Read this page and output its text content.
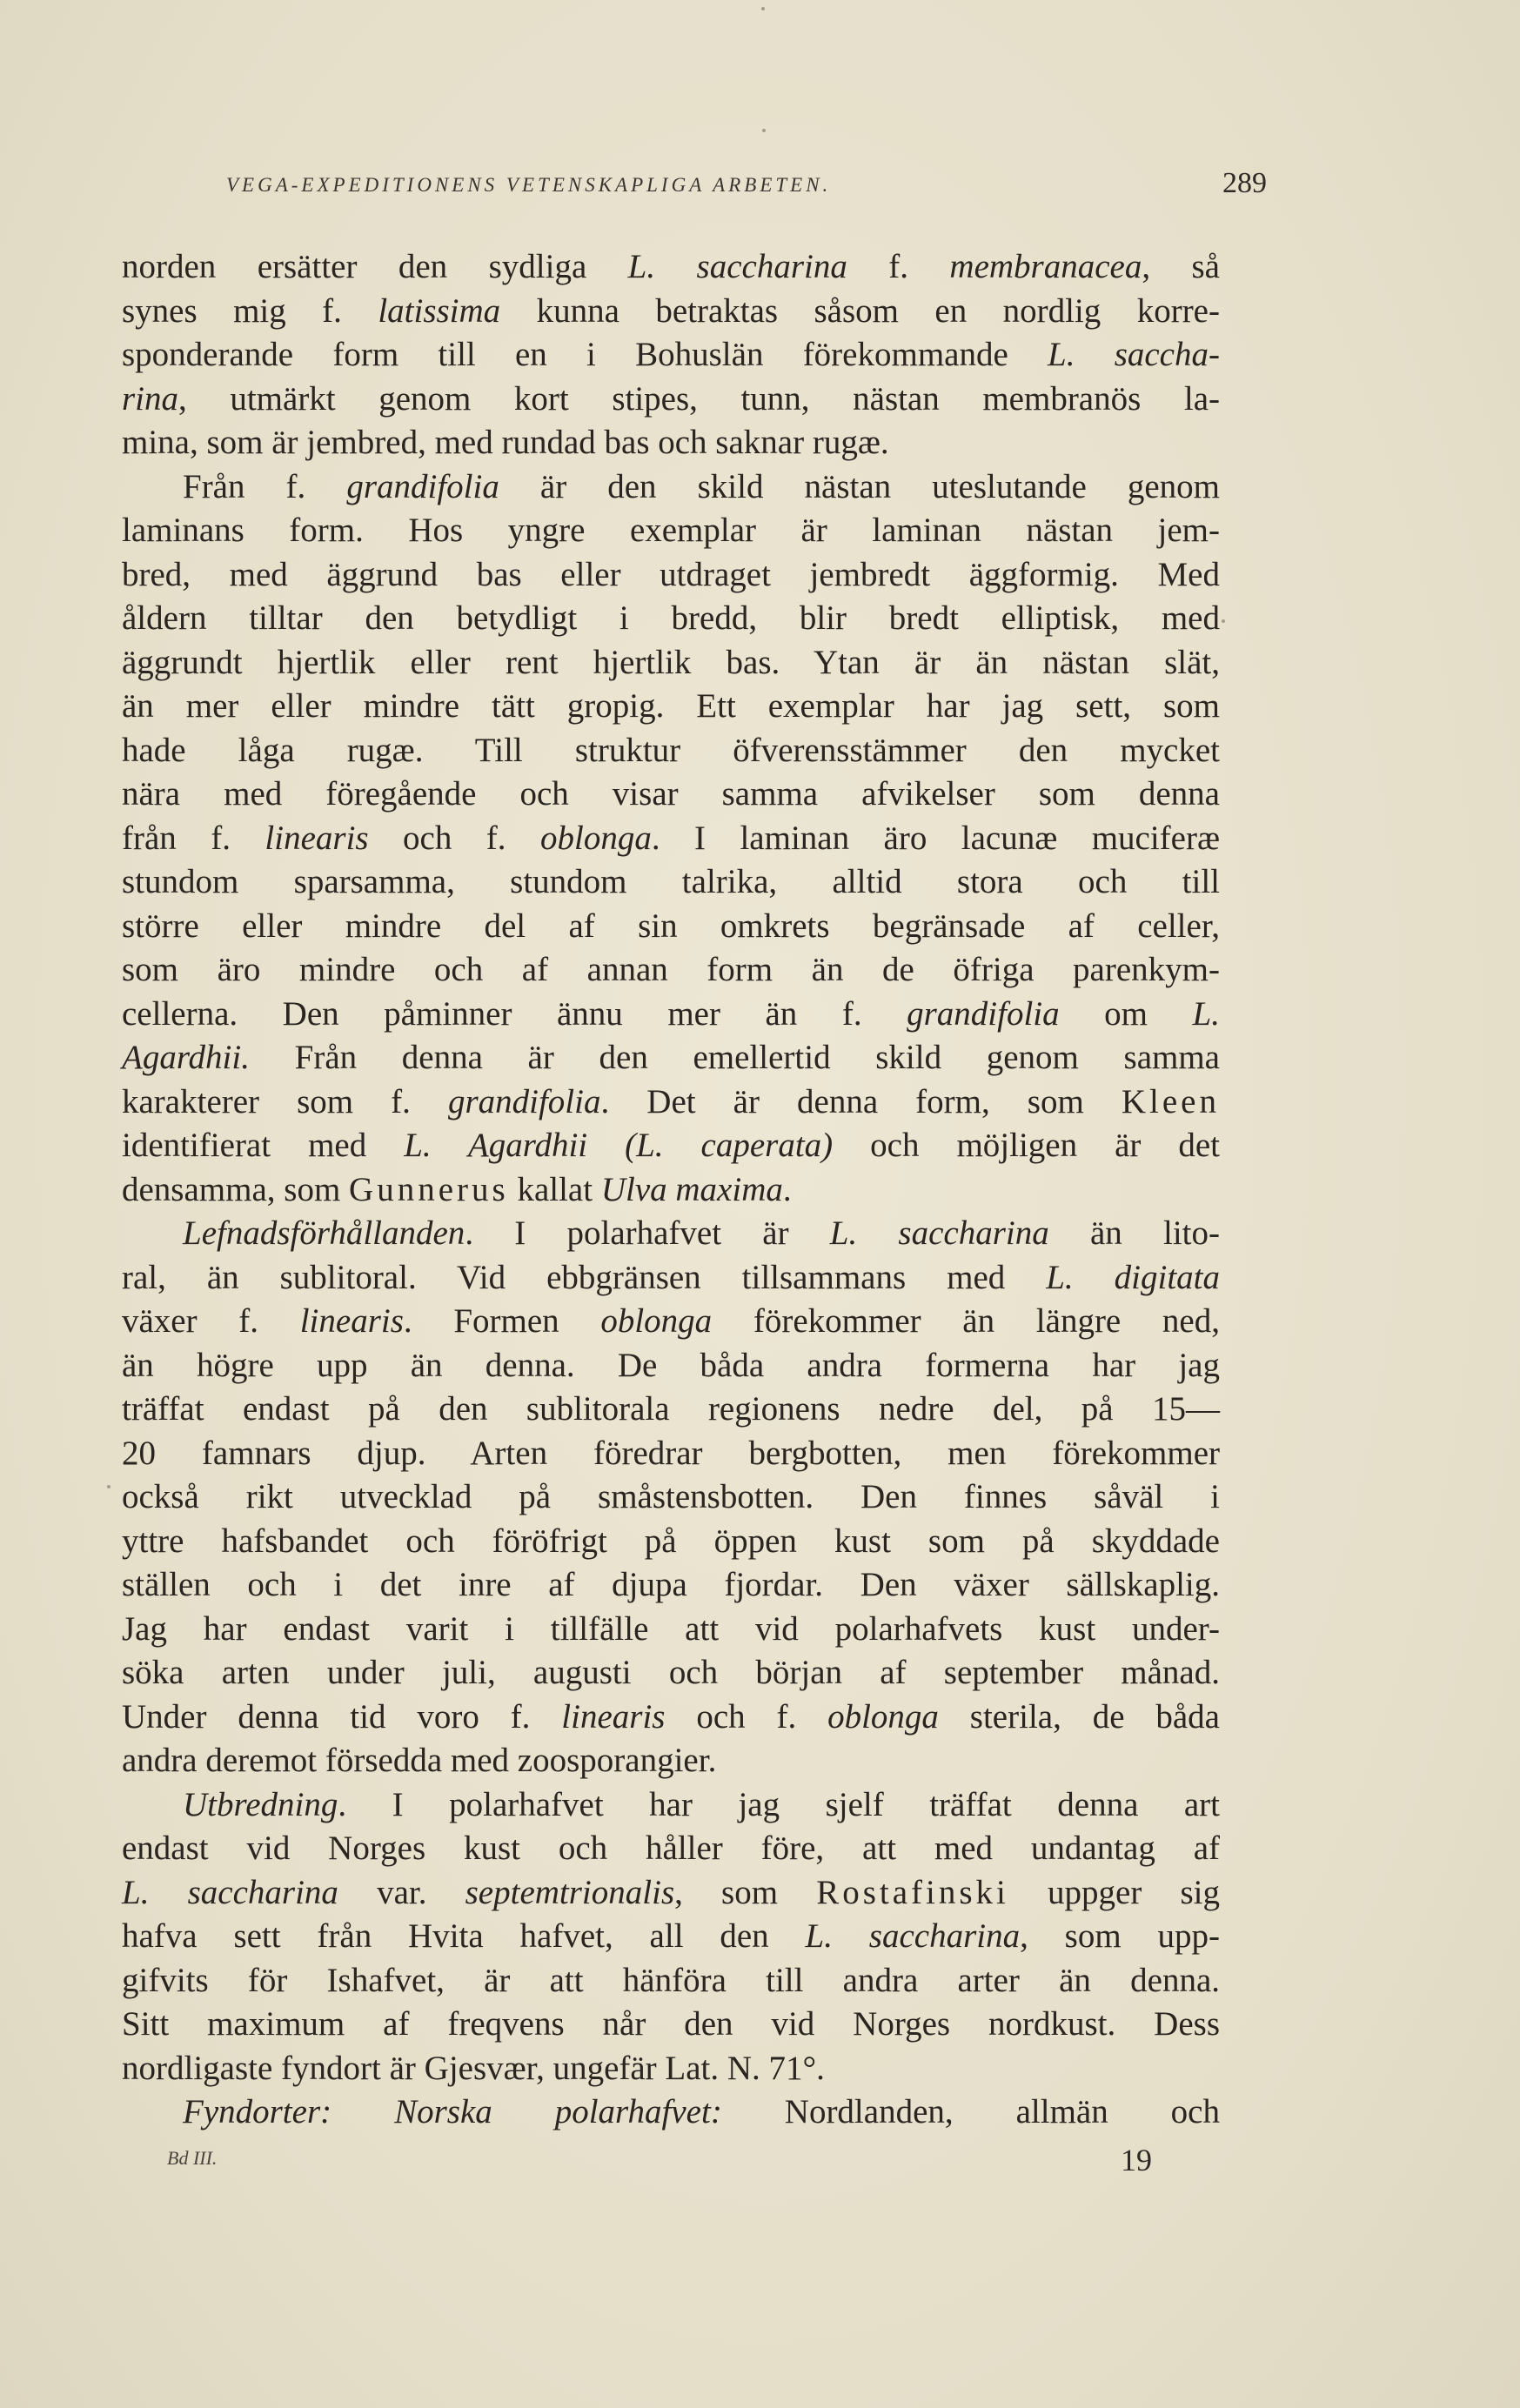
VEGA-EXPEDITIONENS VETENSKAPLIGA ARBETEN.	289
norden ersätter den sydliga L. saccharina f. membranacea, så
synes mig f. latissima kunna betraktas såsom en nordlig korre-
sponderande form till en i Bohuslän förekommande L. saccha-
rina, utmärkt genom kort stipes, tunn, nästan membranös la-
mina, som är jembred, med rundad bas och saknar rugæ.
Från f. grandifolia är den skild nästan uteslutande genom
laminans form. Hos yngre exemplar är laminan nästan jem-
bred, med äggrund bas eller utdraget jembredt äggformig. Med
åldern tilltar den betydligt i bredd, blir bredt elliptisk, med
äggrundt hjertlik eller rent hjertlik bas. Ytan är än nästan slät,
än mer eller mindre tätt gropig. Ett exemplar har jag sett, som
hade låga rugæ. Till struktur öfverensstämmer den mycket
nära med föregående och visar samma afvikelser som denna
från f. linearis och f. oblonga. I laminan äro lacunæ muciferæ
stundom sparsamma, stundom talrika, alltid stora och till
större eller mindre del af sin omkrets begränsade af celler,
som äro mindre och af annan form än de öfriga parenkym-
cellerna. Den påminner ännu mer än f. grandifolia om L.
Agardhii. Från denna är den emellertid skild genom samma
karakterer som f. grandifolia. Det är denna form, som Kleen
identifierat med L. Agardhii (L. caperata) och möjligen är det
densamma, som Gunnerus kallat Ulva maxima.
Lefnadsförhållanden. I polarhafvet är L. saccharina än lito-
ral, än sublitoral. Vid ebbgränsen tillsammans med L. digitata
växer f. linearis. Formen oblonga förekommer än längre ned,
än högre upp än denna. De båda andra formerna har jag
träffat endast på den sublitorala regionens nedre del, på 15—
20 famnars djup. Arten föredrar bergbotten, men förekommer
också rikt utvecklad på småstensbotten. Den finnes såväl i
yttre hafsbandet och föröfrigt på öppen kust som på skyddade
ställen och i det inre af djupa fjordar. Den växer sällskaplig.
Jag har endast varit i tillfälle att vid polarhafvets kust under-
söka arten under juli, augusti och början af september månad.
Under denna tid voro f. linearis och f. oblonga sterila, de båda
andra deremot försedda med zoosporangier.
Utbredning. I polarhafvet har jag sjelf träffat denna art
endast vid Norges kust och håller före, att med undantag af
L. saccharina var. septemtrionalis, som Rostafinski uppger sig
hafva sett från Hvita hafvet, all den L. saccharina, som upp-
gifvits för Ishafvet, är att hänföra till andra arter än denna.
Sitt maximum af freqvens når den vid Norges nordkust. Dess
nordligaste fyndort är Gjesvær, ungefär Lat. N. 71°.
Fyndorter: Norska polarhafvet: Nordlanden, allmän och
Bd III.	19
